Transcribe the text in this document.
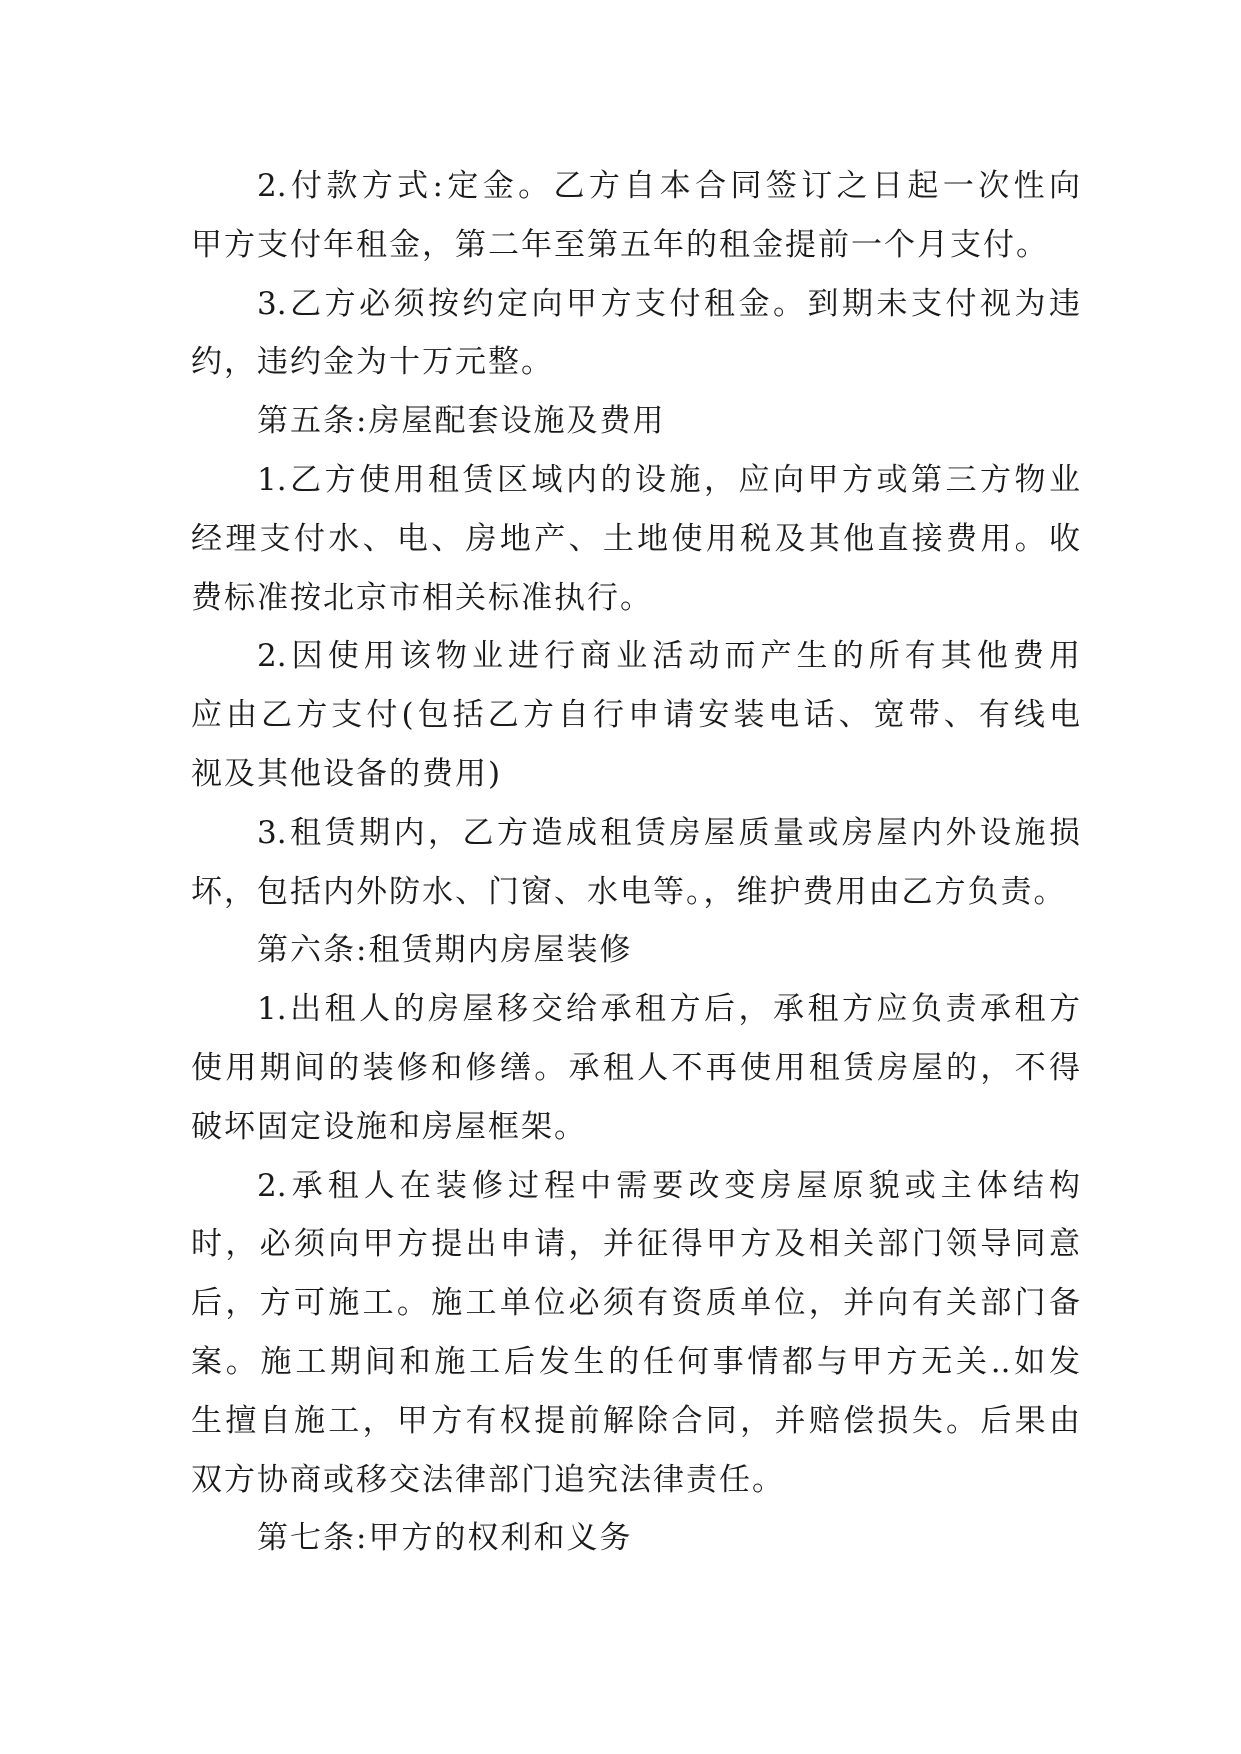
2.付款方式:定金。乙方自本合同签订之日起一次性向
甲方支付年租金，第二年至第五年的租金提前一个月支付。
3.乙方必须按约定向甲方支付租金。到期未支付视为违
约，违约金为十万元整。
第五条:房屋配套设施及费用
1.乙方使用租赁区域内的设施，应向甲方或第三方物业
经理支付水、电、房地产、土地使用税及其他直接费用。收
费标准按北京市相关标准执行。
2.因使用该物业进行商业活动而产生的所有其他费用
应由乙方支付(包括乙方自行申请安装电话、宽带、有线电
视及其他设备的费用)
3.租赁期内，乙方造成租赁房屋质量或房屋内外设施损
坏，包括内外防水、门窗、水电等。，维护费用由乙方负责。
第六条:租赁期内房屋装修
1.出租人的房屋移交给承租方后，承租方应负责承租方
使用期间的装修和修缮。承租人不再使用租赁房屋的，不得
破坏固定设施和房屋框架。
2.承租人在装修过程中需要改变房屋原貌或主体结构
时，必须向甲方提出申请，并征得甲方及相关部门领导同意
后，方可施工。施工单位必须有资质单位，并向有关部门备
案。施工期间和施工后发生的任何事情都与甲方无关..如发
生擅自施工，甲方有权提前解除合同，并赔偿损失。后果由
双方协商或移交法律部门追究法律责任。
第七条:甲方的权利和义务
